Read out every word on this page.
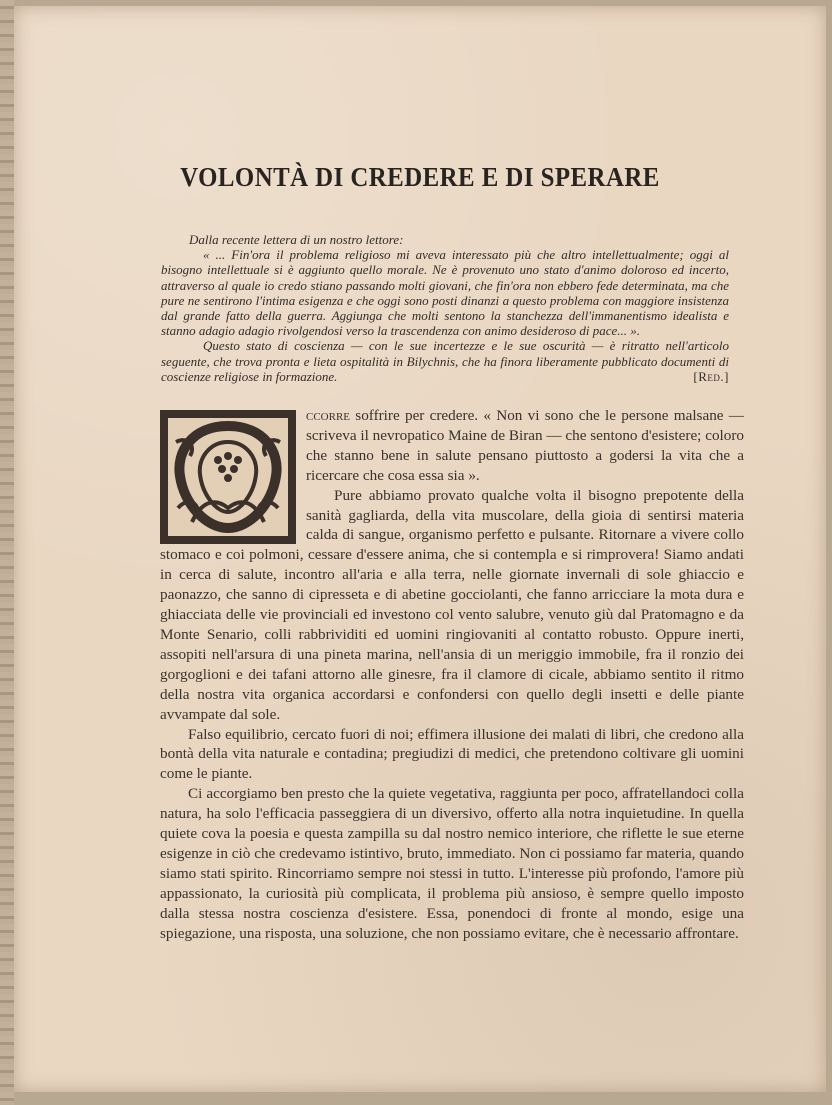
VOLONTÀ DI CREDERE E DI SPERARE

Dalla recente lettera di un nostro lettore:

« ... Fin'ora il problema religioso mi aveva interessato più che altro intellettualmente; oggi al bisogno intellettuale si è aggiunto quello morale. Ne è provenuto uno stato d'animo doloroso ed incerto, attraverso al quale io credo stiano passando molti giovani, che fin'ora non ebbero fede determinata, ma che pure ne sentirono l'intima esigenza e che oggi sono posti dinanzi a questo problema con maggiore insistenza dal grande fatto della guerra. Aggiunga che molti sentono la stanchezza dell'immanentismo idealista e stanno adagio adagio rivolgendosi verso la trascendenza con animo desideroso di pace... ».

Questo stato di coscienza — con le sue incertezze e le sue oscurità — è ritratto nell'articolo seguente, che trova pronta e lieta ospitalità in Bilychnis, che ha finora liberamente pubblicato documenti di coscienze religiose in formazione.	[Red.]

ccorre soffrire per credere. « Non vi sono che le persone malsane — scriveva il nevropatico Maine de Biran — che sentono d'esistere; coloro che stanno bene in salute pensano piuttosto a godersi la vita che a ricercare che cosa essa sia ».

Pure abbiamo provato qualche volta il bisogno prepotente della sanità gagliarda, della vita muscolare, della gioia di sentirsi materia calda di sangue, organismo perfetto e pulsante. Ritornare a vivere collo stomaco e coi polmoni, cessare d'essere anima, che si contempla e si rimprovera! Siamo andati in cerca di salute, incontro all'aria e alla terra, nelle giornate invernali di sole ghiaccio e paonazzo, che sanno di cipresseta e di abetine gocciolanti, che fanno arricciare la mota dura e ghiacciata delle vie provinciali ed investono col vento salubre, venuto giù dal Pratomagno e da Monte Senario, colli rabbrividiti ed uomini ringiovaniti al contatto robusto. Oppure inerti, assopiti nell'arsura di una pineta marina, nell'ansia di un meriggio immobile, fra il ronzio dei gorgoglioni e dei tafani attorno alle ginesre, fra il clamore di cicale, abbiamo sentito il ritmo della nostra vita organica accordarsi e confondersi con quello degli insetti e delle piante avvampate dal sole.

Falso equilibrio, cercato fuori di noi; effimera illusione dei malati di libri, che credono alla bontà della vita naturale e contadina; pregiudizi di medici, che pretendono coltivare gli uomini come le piante.

Ci accorgiamo ben presto che la quiete vegetativa, raggiunta per poco, affratellandoci colla natura, ha solo l'efficacia passeggiera di un diversivo, offerto alla notra inquietudine. In quella quiete cova la poesia e questa zampilla su dal nostro nemico interiore, che riflette le sue eterne esigenze in ciò che credevamo istintivo, bruto, immediato. Non ci possiamo far materia, quando siamo stati spirito. Rincorriamo sempre noi stessi in tutto. L'interesse più profondo, l'amore più appassionato, la curiosità più complicata, il problema più ansioso, è sempre quello imposto dalla stessa nostra coscienza d'esistere. Essa, ponendoci di fronte al mondo, esige una spiegazione, una risposta, una soluzione, che non possiamo evitare, che è necessario affrontare.
